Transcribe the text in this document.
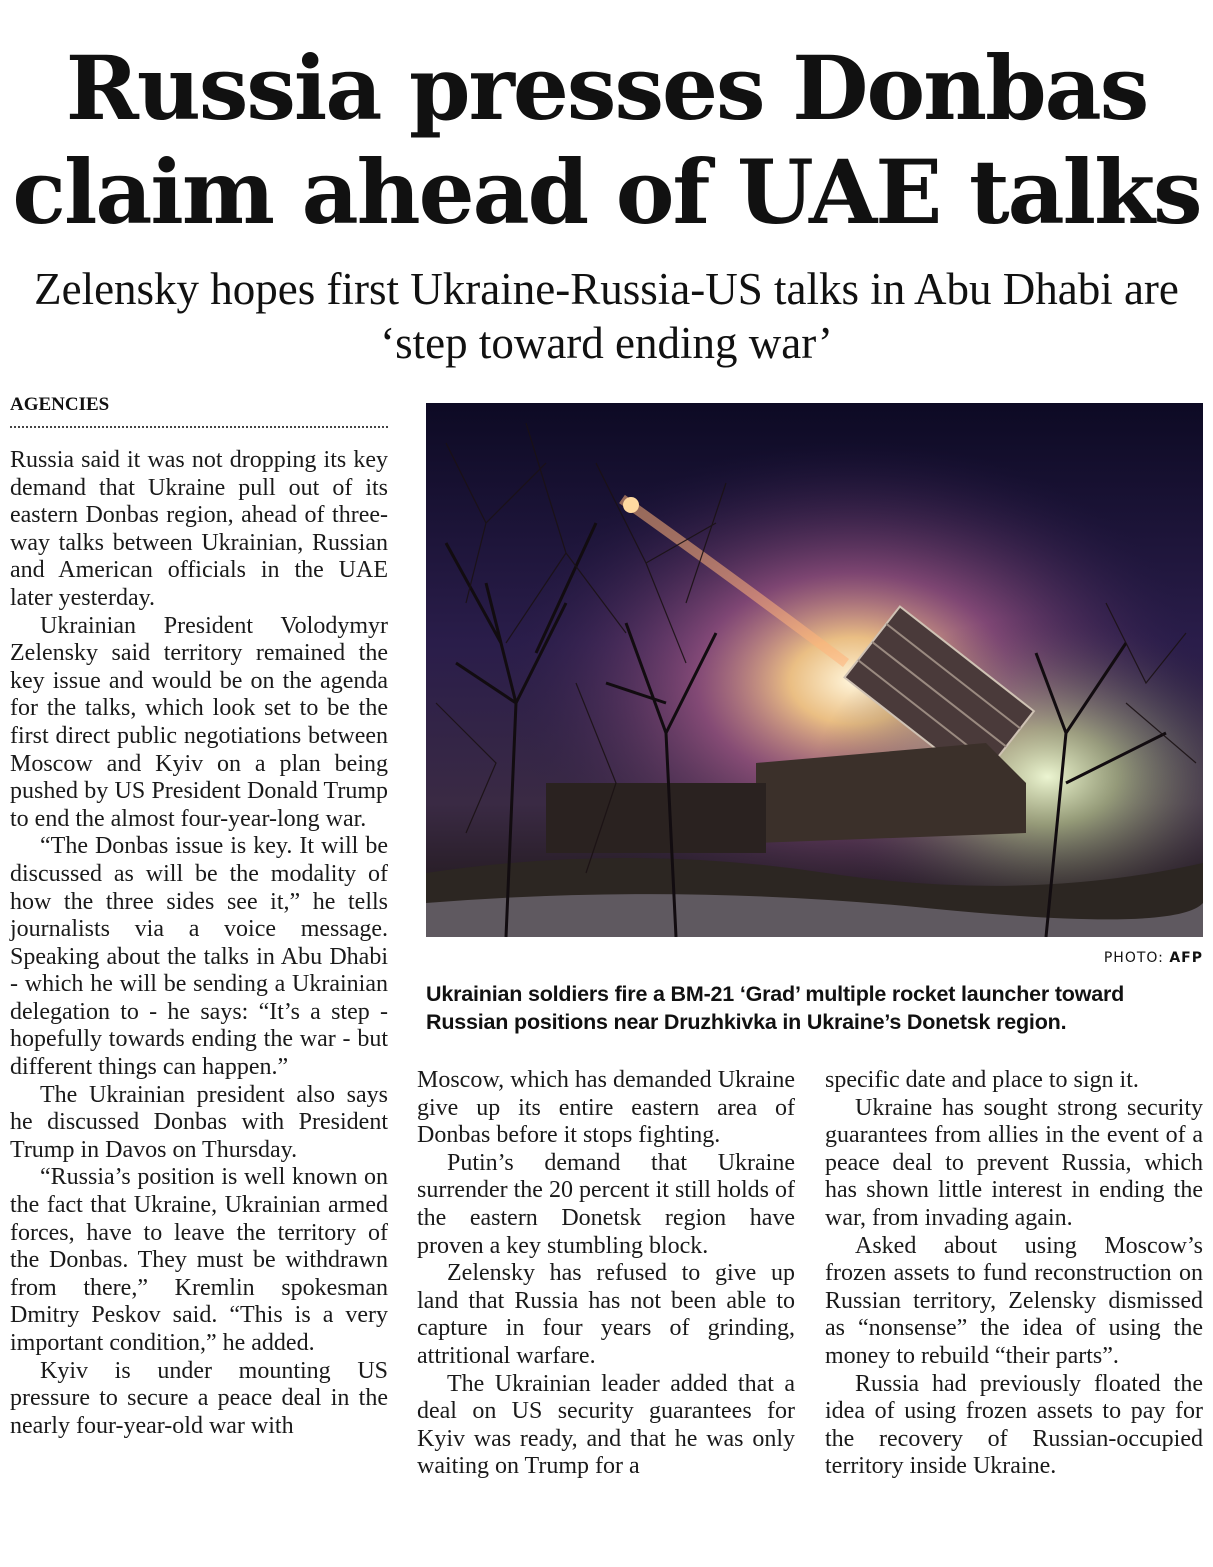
Russia presses Donbas
claim ahead of UAE talks
Zelensky hopes first Ukraine-Russia-US talks in Abu Dhabi are ‘step toward ending war’
AGENCIES

Russia said it was not dropping its key demand that Ukraine pull out of its eastern Donbas region, ahead of three-way talks between Ukrainian, Russian and American officials in the UAE later yesterday.

Ukrainian President Volodymyr Zelensky said territory remained the key issue and would be on the agenda for the talks, which look set to be the first direct public negotiations between Moscow and Kyiv on a plan being pushed by US President Donald Trump to end the almost four-year-long war.

“The Donbas issue is key. It will be discussed as will be the modality of how the three sides see it,” he tells journalists via a voice message. Speaking about the talks in Abu Dhabi - which he will be sending a Ukrainian delegation to - he says: “It’s a step - hopefully towards ending the war - but different things can happen.”

The Ukrainian president also says he discussed Donbas with President Trump in Davos on Thursday.

“Russia’s position is well known on the fact that Ukraine, Ukrainian armed forces, have to leave the territory of the Donbas. They must be withdrawn from there,” Kremlin spokesman Dmitry Peskov said. “This is a very important condition,” he added.

Kyiv is under mounting US pressure to secure a peace deal in the nearly four-year-old war with

PHOTO: AFP
Ukrainian soldiers fire a BM-21 ‘Grad’ multiple rocket launcher toward Russian positions near Druzhkivka in Ukraine’s Donetsk region.

Moscow, which has demanded Ukraine give up its entire eastern area of Donbas before it stops fighting.

Putin’s demand that Ukraine surrender the 20 percent it still holds of the eastern Donetsk region have proven a key stumbling block.

Zelensky has refused to give up land that Russia has not been able to capture in four years of grinding, attritional warfare.

The Ukrainian leader added that a deal on US security guarantees for Kyiv was ready, and that he was only waiting on Trump for a

specific date and place to sign it.

Ukraine has sought strong security guarantees from allies in the event of a peace deal to prevent Russia, which has shown little interest in ending the war, from invading again.

Asked about using Moscow’s frozen assets to fund reconstruction on Russian territory, Zelensky dismissed as “nonsense” the idea of using the money to rebuild “their parts”.

Russia had previously floated the idea of using frozen assets to pay for the recovery of Russian-occupied territory inside Ukraine.
